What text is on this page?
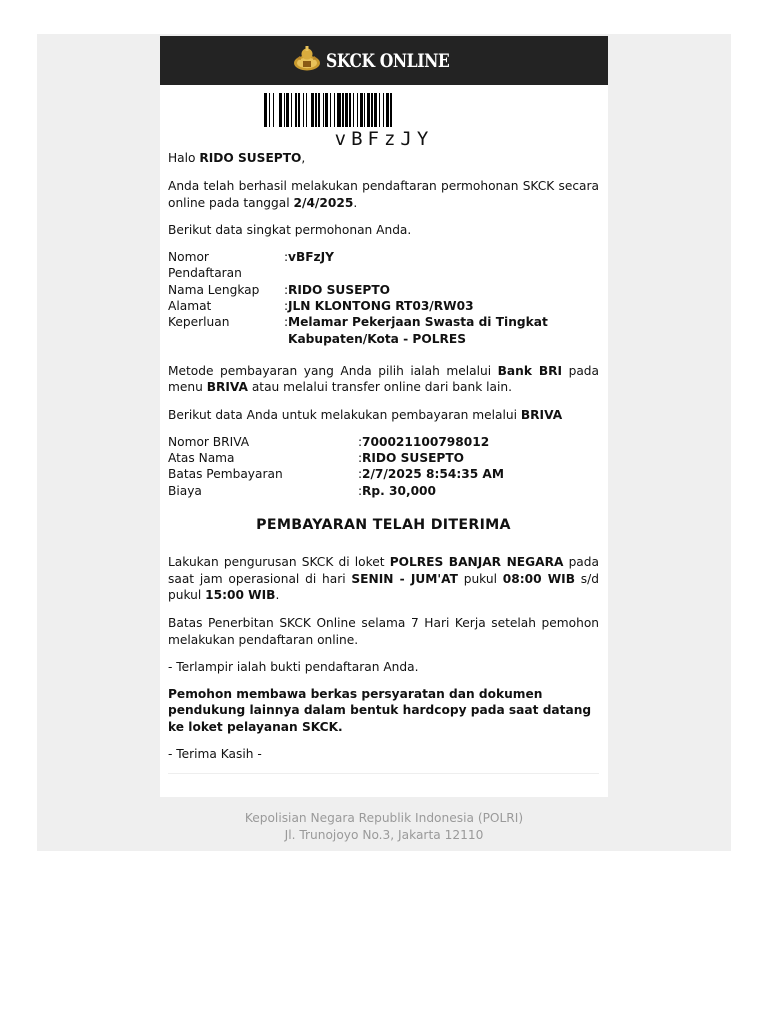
SKCK ONLINE
vBFzJY

Halo RIDO SUSEPTO,

Anda telah berhasil melakukan pendaftaran permohonan SKCK secara online pada tanggal 2/4/2025.

Berikut data singkat permohonan Anda.

Nomor Pendaftaran
: vBFzJY
Nama Lengkap	: RIDO SUSEPTO
Alamat	: JLN KLONTONG RT03/RW03
Keperluan	: Melamar Pekerjaan Swasta di Tingkat Kabupaten/Kota - POLRES

Metode pembayaran yang Anda pilih ialah melalui Bank BRI pada menu BRIVA atau melalui transfer online dari bank lain.

Berikut data Anda untuk melakukan pembayaran melalui BRIVA

Nomor BRIVA	: 700021100798012
Atas Nama	: RIDO SUSEPTO
Batas Pembayaran	: 2/7/2025 8:54:35 AM
Biaya	: Rp. 30,000

PEMBAYARAN TELAH DITERIMA

Lakukan pengurusan SKCK di loket POLRES BANJAR NEGARA pada saat jam operasional di hari SENIN - JUM'AT pukul 08:00 WIB s/d pukul 15:00 WIB.

Batas Penerbitan SKCK Online selama 7 Hari Kerja setelah pemohon melakukan pendaftaran online.

- Terlampir ialah bukti pendaftaran Anda.

Pemohon membawa berkas persyaratan dan dokumen pendukung lainnya dalam bentuk hardcopy pada saat datang ke loket pelayanan SKCK.

- Terima Kasih -

Kepolisian Negara Republik Indonesia (POLRI)
Jl. Trunojoyo No.3, Jakarta 12110
